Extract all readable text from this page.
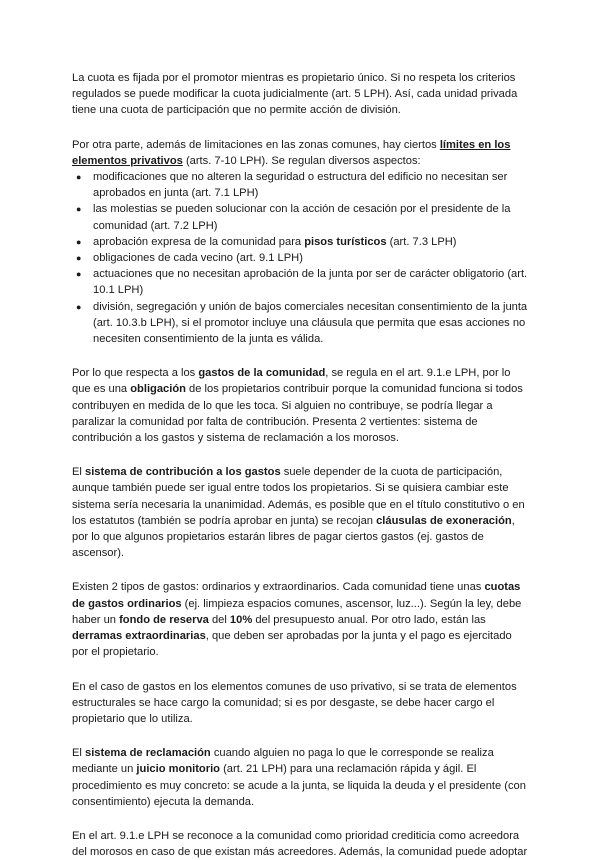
La cuota es fijada por el promotor mientras es propietario único. Si no respeta los criterios regulados se puede modificar la cuota judicialmente (art. 5 LPH). Así, cada unidad privada tiene una cuota de participación que no permite acción de división.

Por otra parte, además de limitaciones en las zonas comunes, hay ciertos límites en los elementos privativos (arts. 7-10 LPH). Se regulan diversos aspectos:

● modificaciones que no alteren la seguridad o estructura del edificio no necesitan ser aprobados en junta (art. 7.1 LPH)
● las molestias se pueden solucionar con la acción de cesación por el presidente de la comunidad (art. 7.2 LPH)
● aprobación expresa de la comunidad para pisos turísticos (art. 7.3 LPH)
● obligaciones de cada vecino (art. 9.1 LPH)
● actuaciones que no necesitan aprobación de la junta por ser de carácter obligatorio (art. 10.1 LPH)
● división, segregación y unión de bajos comerciales necesitan consentimiento de la junta (art. 10.3.b LPH), si el promotor incluye una cláusula que permita que esas acciones no necesiten consentimiento de la junta es válida.

Por lo que respecta a los gastos de la comunidad, se regula en el art. 9.1.e LPH, por lo que es una obligación de los propietarios contribuir porque la comunidad funciona si todos contribuyen en medida de lo que les toca. Si alguien no contribuye, se podría llegar a paralizar la comunidad por falta de contribución. Presenta 2 vertientes: sistema de contribución a los gastos y sistema de reclamación a los morosos.

El sistema de contribución a los gastos suele depender de la cuota de participación, aunque también puede ser igual entre todos los propietarios. Si se quisiera cambiar este sistema sería necesaria la unanimidad. Además, es posible que en el título constitutivo o en los estatutos (también se podría aprobar en junta) se recojan cláusulas de exoneración, por lo que algunos propietarios estarán libres de pagar ciertos gastos (ej. gastos de ascensor).

Existen 2 tipos de gastos: ordinarios y extraordinarios. Cada comunidad tiene unas cuotas de gastos ordinarios (ej. limpieza espacios comunes, ascensor, luz...). Según la ley, debe haber un fondo de reserva del 10% del presupuesto anual. Por otro lado, están las derramas extraordinarias, que deben ser aprobadas por la junta y el pago es ejercitado por el propietario.

En el caso de gastos en los elementos comunes de uso privativo, si se trata de elementos estructurales se hace cargo la comunidad; si es por desgaste, se debe hacer cargo el propietario que lo utiliza.

El sistema de reclamación cuando alguien no paga lo que le corresponde se realiza mediante un juicio monitorio (art. 21 LPH) para una reclamación rápida y ágil. El procedimiento es muy concreto: se acude a la junta, se liquida la deuda y el presidente (con consentimiento) ejecuta la demanda.

En el art. 9.1.e LPH se reconoce a la comunidad como prioridad crediticia como acreedora del morosos en caso de que existan más acreedores. Además, la comunidad puede adoptar
